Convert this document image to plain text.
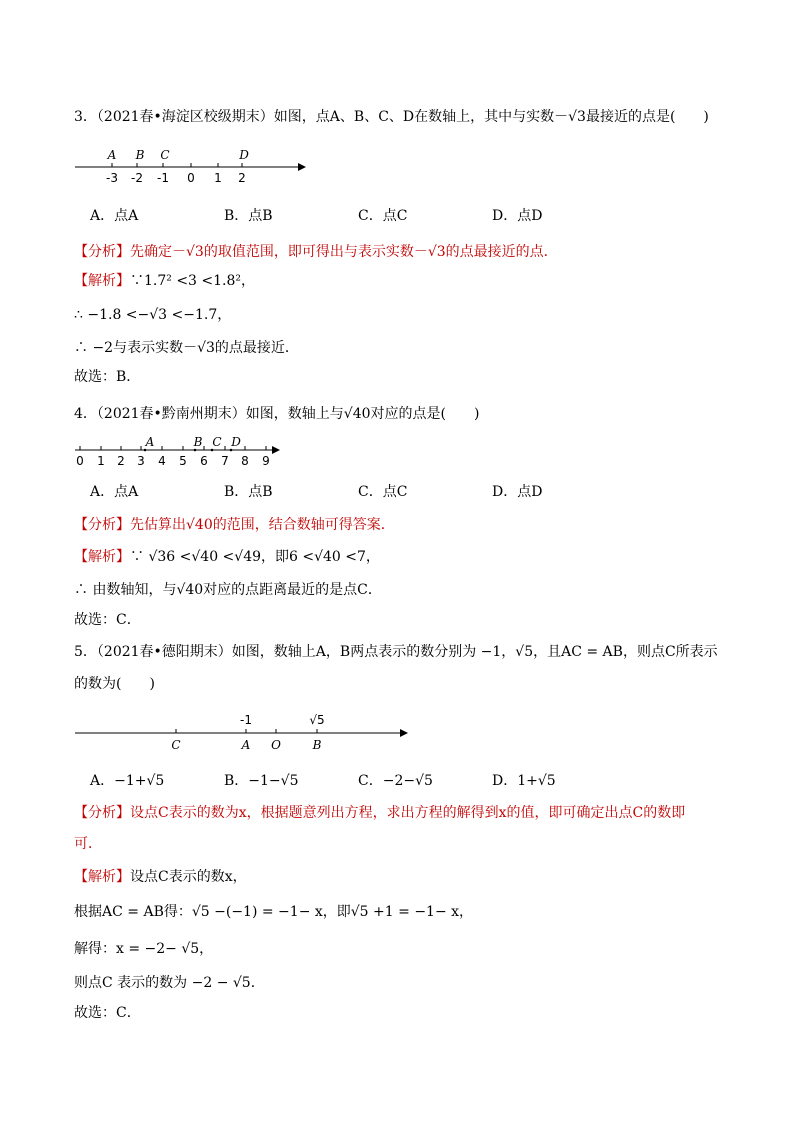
3．（2021春•海淀区校级期末）如图，点A、B、C、D在数轴上，其中与实数－√3最接近的点是(　　)
-3 -2 -1 0 1 2
A B C	D
A．点A	B．点B	C．点C	D．点D
【分析】先确定－√3的取值范围，即可得出与表示实数－√3的点最接近的点．
【解析】∵1.7² <3 <1.8²，
∴ −1.8 <−√3 <−1.7，
∴ −2与表示实数－√3的点最接近．
故选：B．
4．（2021春•黔南州期末）如图，数轴上与√40对应的点是(　　)
0 1 2 3 4 5 6 7 8 9
A	B C D
A．点A	B．点B	C．点C	D．点D
【分析】先估算出√40的范围，结合数轴可得答案．
【解析】∵ √36 <√40 <√49，即6 <√40 <7，
∴ 由数轴知，与√40对应的点距离最近的是点C．
故选：C．
5．（2021春•德阳期末）如图，数轴上A，B两点表示的数分别为 −1，√5，且AC = AB，则点C所表示
的数为(　　)
-1	√5
C	A O	B
A．−1+√5	B．−1−√5	C．−2−√5	D．1+√5
【分析】设点C表示的数为x，根据题意列出方程，求出方程的解得到x的值，即可确定出点C的数即
可．
【解析】设点C表示的数x，
根据AC = AB得：√5 −(−1) = −1− x，即√5 +1 = −1− x，
解得：x = −2− √5，
则点C 表示的数为 −2 − √5．
故选：C．
